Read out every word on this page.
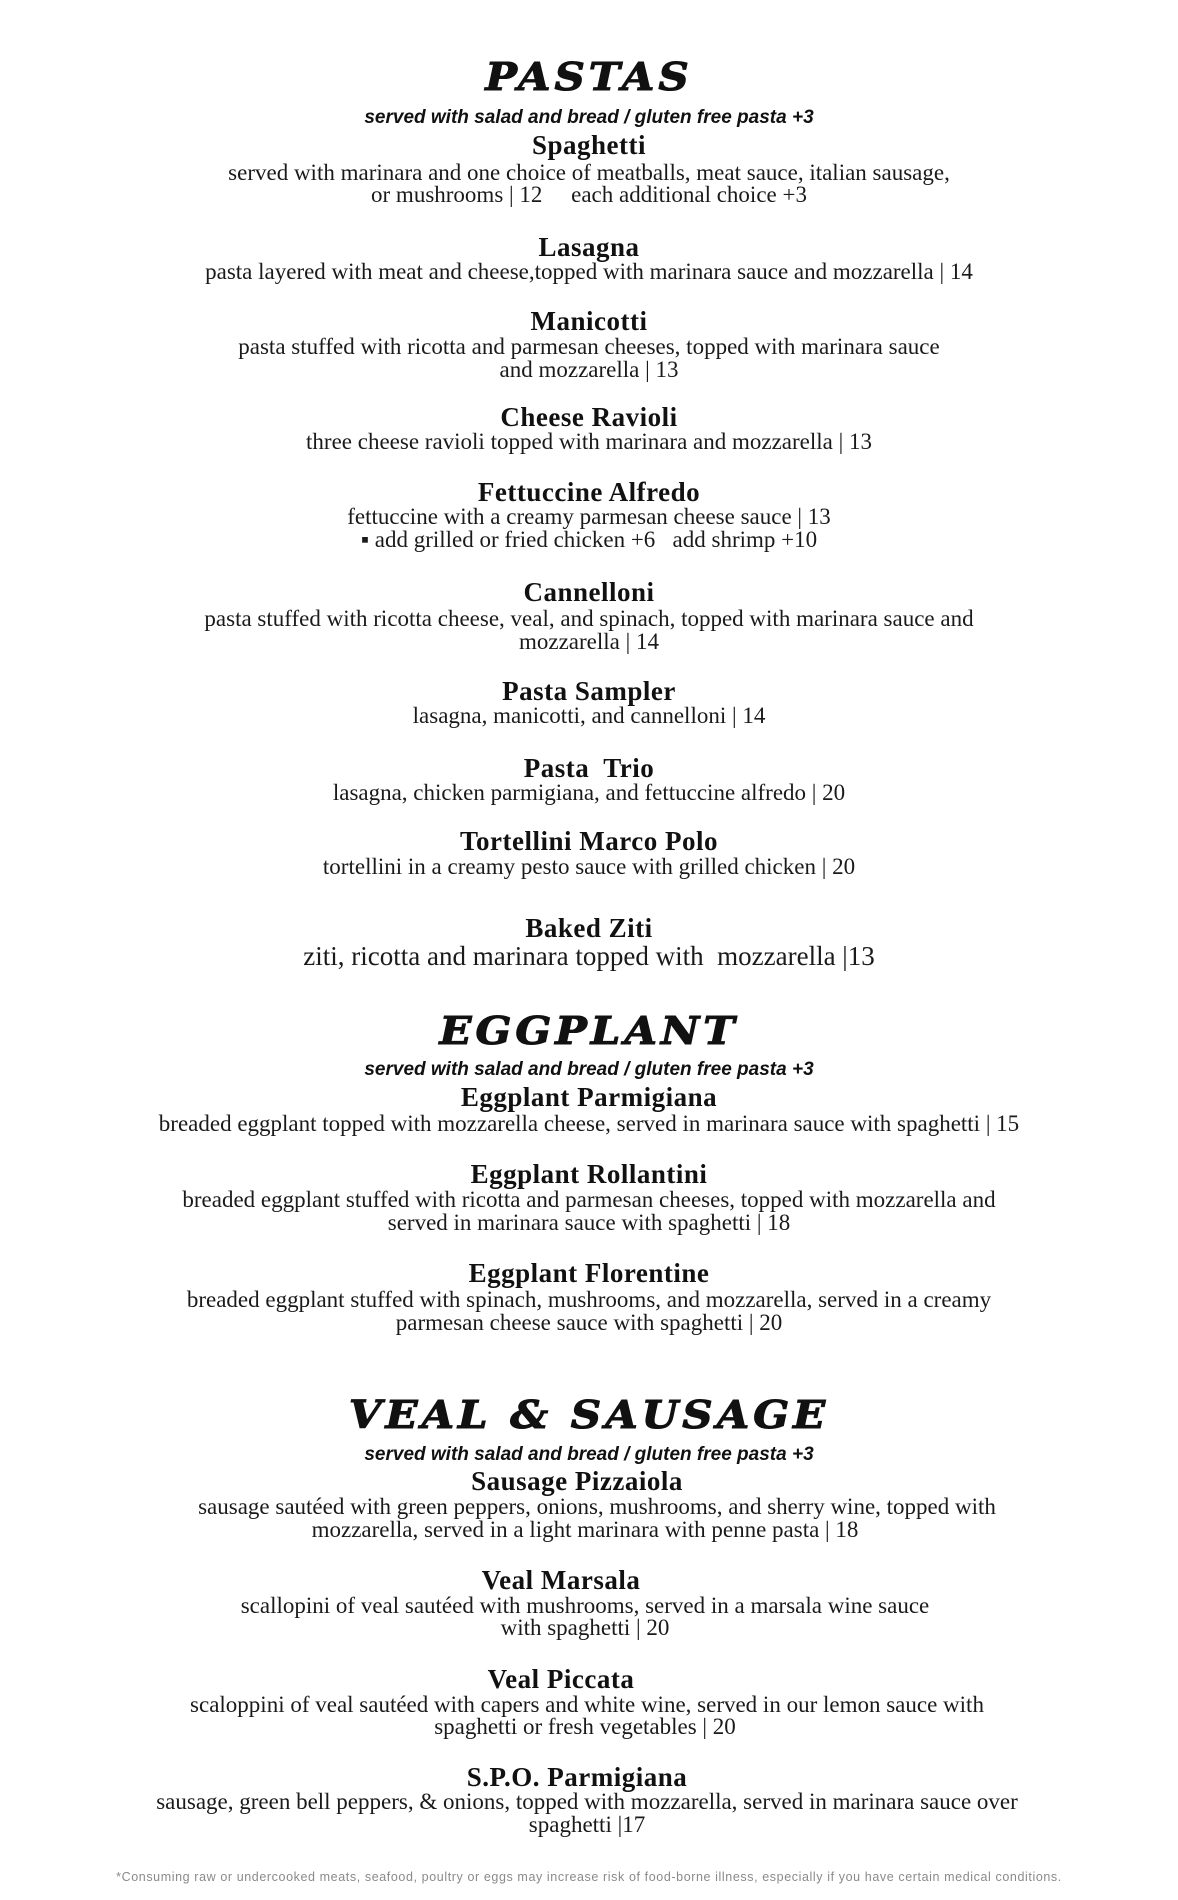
PASTAS
served with salad and bread / gluten free pasta +3
Spaghetti
served with marinara and one choice of meatballs, meat sauce, italian sausage,
or mushrooms | 12     each additional choice +3
Lasagna
pasta layered with meat and cheese,topped with marinara sauce and mozzarella | 14
Manicotti
pasta stuffed with ricotta and parmesan cheeses, topped with marinara sauce
and mozzarella | 13
Cheese Ravioli
three cheese ravioli topped with marinara and mozzarella | 13
Fettuccine Alfredo
fettuccine with a creamy parmesan cheese sauce | 13
▪ add grilled or fried chicken +6   add shrimp +10
Cannelloni
pasta stuffed with ricotta cheese, veal, and spinach, topped with marinara sauce and
mozzarella | 14
Pasta Sampler
lasagna, manicotti, and cannelloni | 14
Pasta  Trio
lasagna, chicken parmigiana, and fettuccine alfredo | 20
Tortellini Marco Polo
tortellini in a creamy pesto sauce with grilled chicken | 20
Baked Ziti
ziti, ricotta and marinara topped with  mozzarella |13
EGGPLANT
served with salad and bread / gluten free pasta +3
Eggplant Parmigiana
breaded eggplant topped with mozzarella cheese, served in marinara sauce with spaghetti | 15
Eggplant Rollantini
breaded eggplant stuffed with ricotta and parmesan cheeses, topped with mozzarella and
served in marinara sauce with spaghetti | 18
Eggplant Florentine
breaded eggplant stuffed with spinach, mushrooms, and mozzarella, served in a creamy
parmesan cheese sauce with spaghetti | 20
VEAL & SAUSAGE
served with salad and bread / gluten free pasta +3
Sausage Pizzaiola
sausage sautéed with green peppers, onions, mushrooms, and sherry wine, topped with
mozzarella, served in a light marinara with penne pasta | 18
Veal Marsala
scallopini of veal sautéed with mushrooms, served in a marsala wine sauce
with spaghetti | 20
Veal Piccata
scaloppini of veal sautéed with capers and white wine, served in our lemon sauce with
spaghetti or fresh vegetables | 20
S.P.O. Parmigiana
sausage, green bell peppers, & onions, topped with mozzarella, served in marinara sauce over
spaghetti |17
*Consuming raw or undercooked meats, seafood, poultry or eggs may increase risk of food-borne illness, especially if you have certain medical conditions.
